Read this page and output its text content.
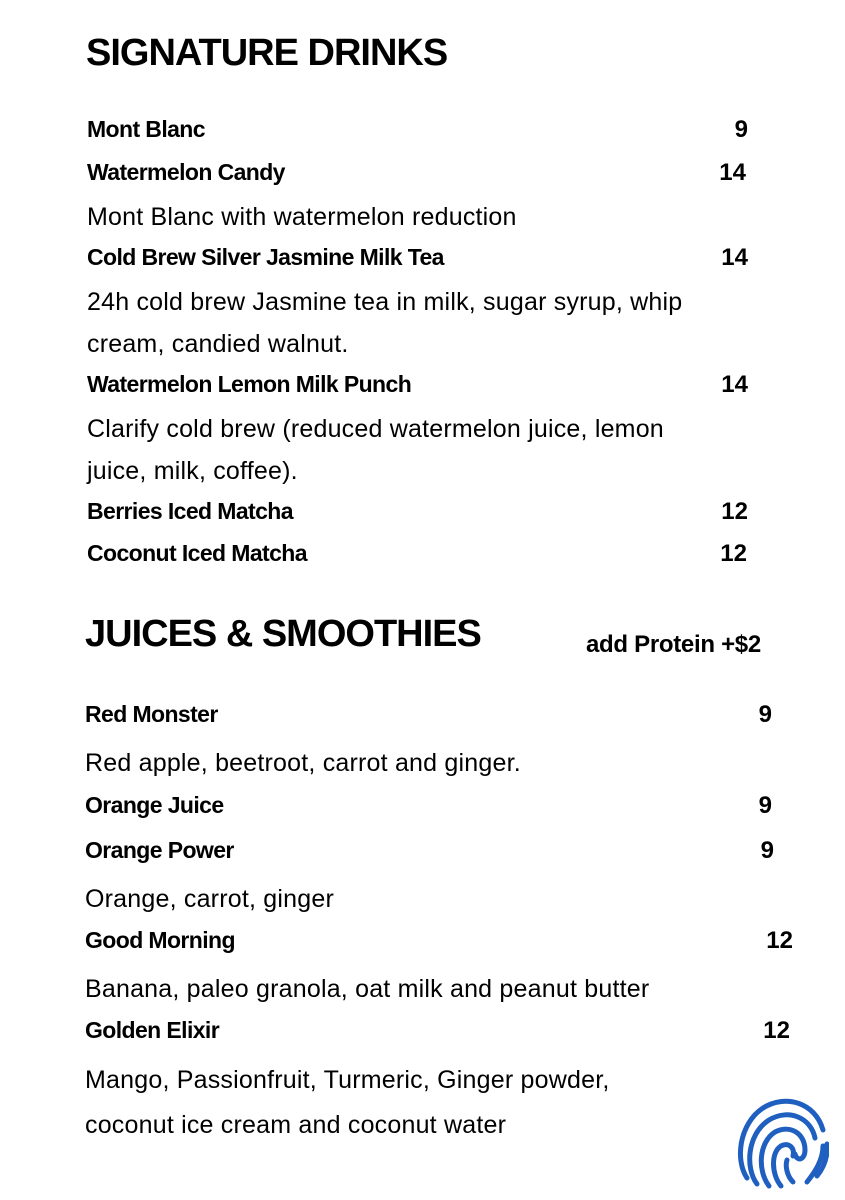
SIGNATURE DRINKS
Mont Blanc	9
Watermelon Candy	14
Mont Blanc with watermelon reduction
Cold Brew Silver Jasmine Milk Tea	14
24h cold brew Jasmine tea in milk, sugar syrup, whip
cream, candied walnut.
Watermelon Lemon Milk Punch	14
Clarify cold brew (reduced watermelon juice, lemon
juice, milk, coffee).
Berries Iced Matcha	12
Coconut Iced Matcha	12
JUICES & SMOOTHIES	add Protein +$2
Red Monster	9
Red apple, beetroot, carrot and ginger.
Orange Juice	9
Orange Power	9
Orange, carrot, ginger
Good Morning	12
Banana, paleo granola, oat milk and peanut butter
Golden Elixir	12
Mango, Passionfruit, Turmeric, Ginger powder,
coconut ice cream and coconut water
